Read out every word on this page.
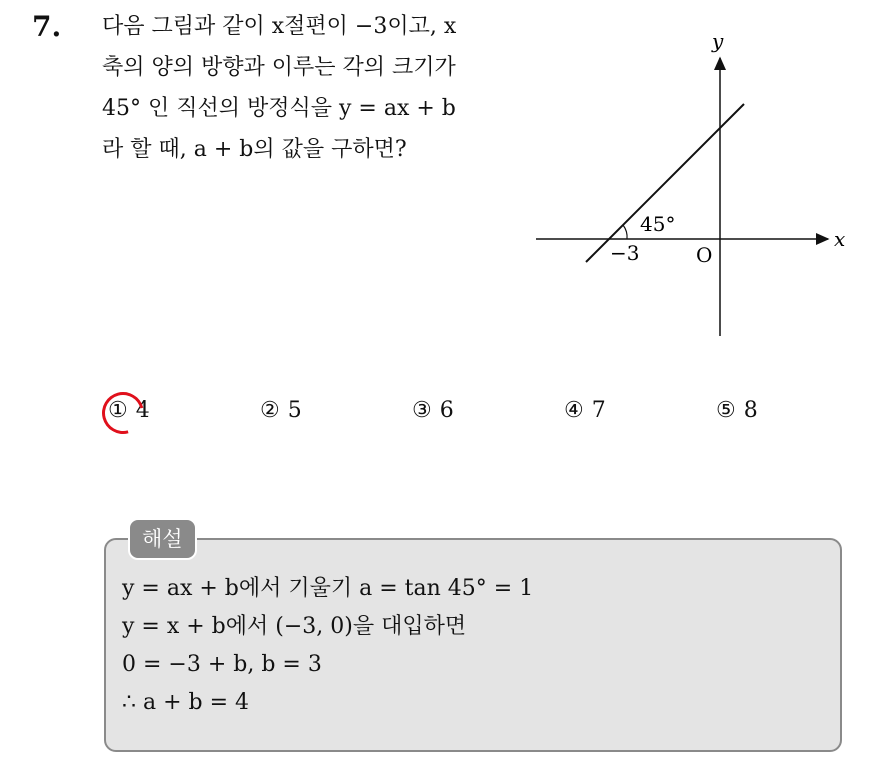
7. 다음 그림과 같이 x절편이 −3이고, x
축의 양의 방향과 이루는 각의 크기가
45° 인 직선의 방정식을 y = ax + b
라 할 때, a + b의 값을 구하면?
y
x
O
−3
45°
① 4	② 5	③ 6	④ 7	⑤ 8
해설
y = ax + b에서 기울기 a = tan 45° = 1
y = x + b에서 (−3, 0)을 대입하면
0 = −3 + b, b = 3
∴ a + b = 4
